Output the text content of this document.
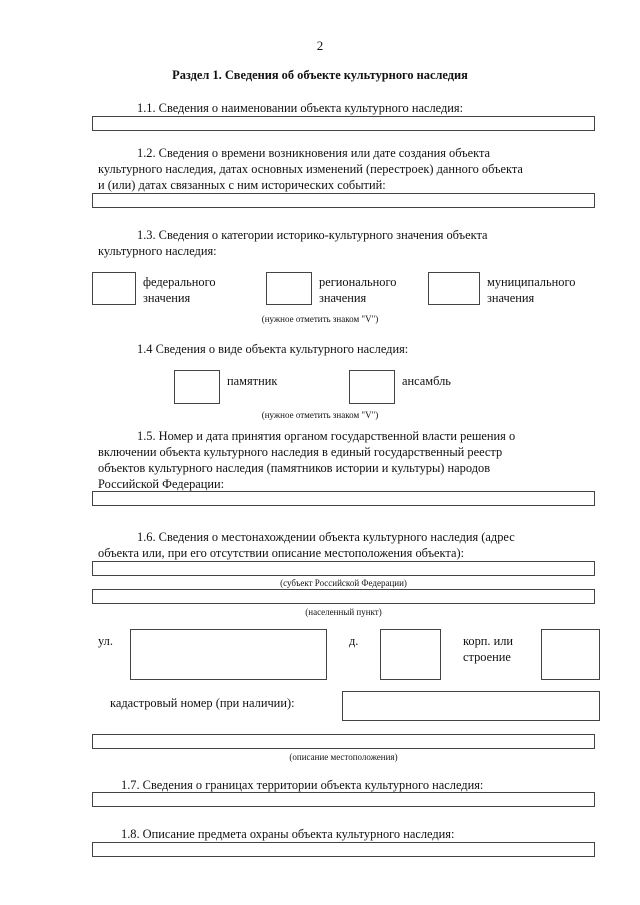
2
Раздел 1. Сведения об объекте культурного наследия
1.1. Сведения о наименовании объекта культурного наследия:
1.2. Сведения о времени возникновения или дате создания объекта
культурного наследия, датах основных изменений (перестроек) данного объекта
и (или) датах связанных с ним исторических событий:
1.3. Сведения о категории историко-культурного значения объекта
культурного наследия:
федерального
значения
регионального
значения
муниципального
значения
(нужное отметить знаком "V")
1.4 Сведения о виде объекта культурного наследия:
памятник	ансамбль
(нужное отметить знаком "V")
1.5. Номер и дата принятия органом государственной власти решения о
включении объекта культурного наследия в единый государственный реестр
объектов культурного наследия (памятников истории и культуры) народов
Российской Федерации:
1.6. Сведения о местонахождении объекта культурного наследия (адрес
объекта или, при его отсутствии описание местоположения объекта):
(субъект Российской Федерации)
(населенный пункт)
ул.	д.	корп. или
строение
кадастровый номер (при наличии):
(описание местоположения)
1.7. Сведения о границах территории объекта культурного наследия:
1.8. Описание предмета охраны объекта культурного наследия:
